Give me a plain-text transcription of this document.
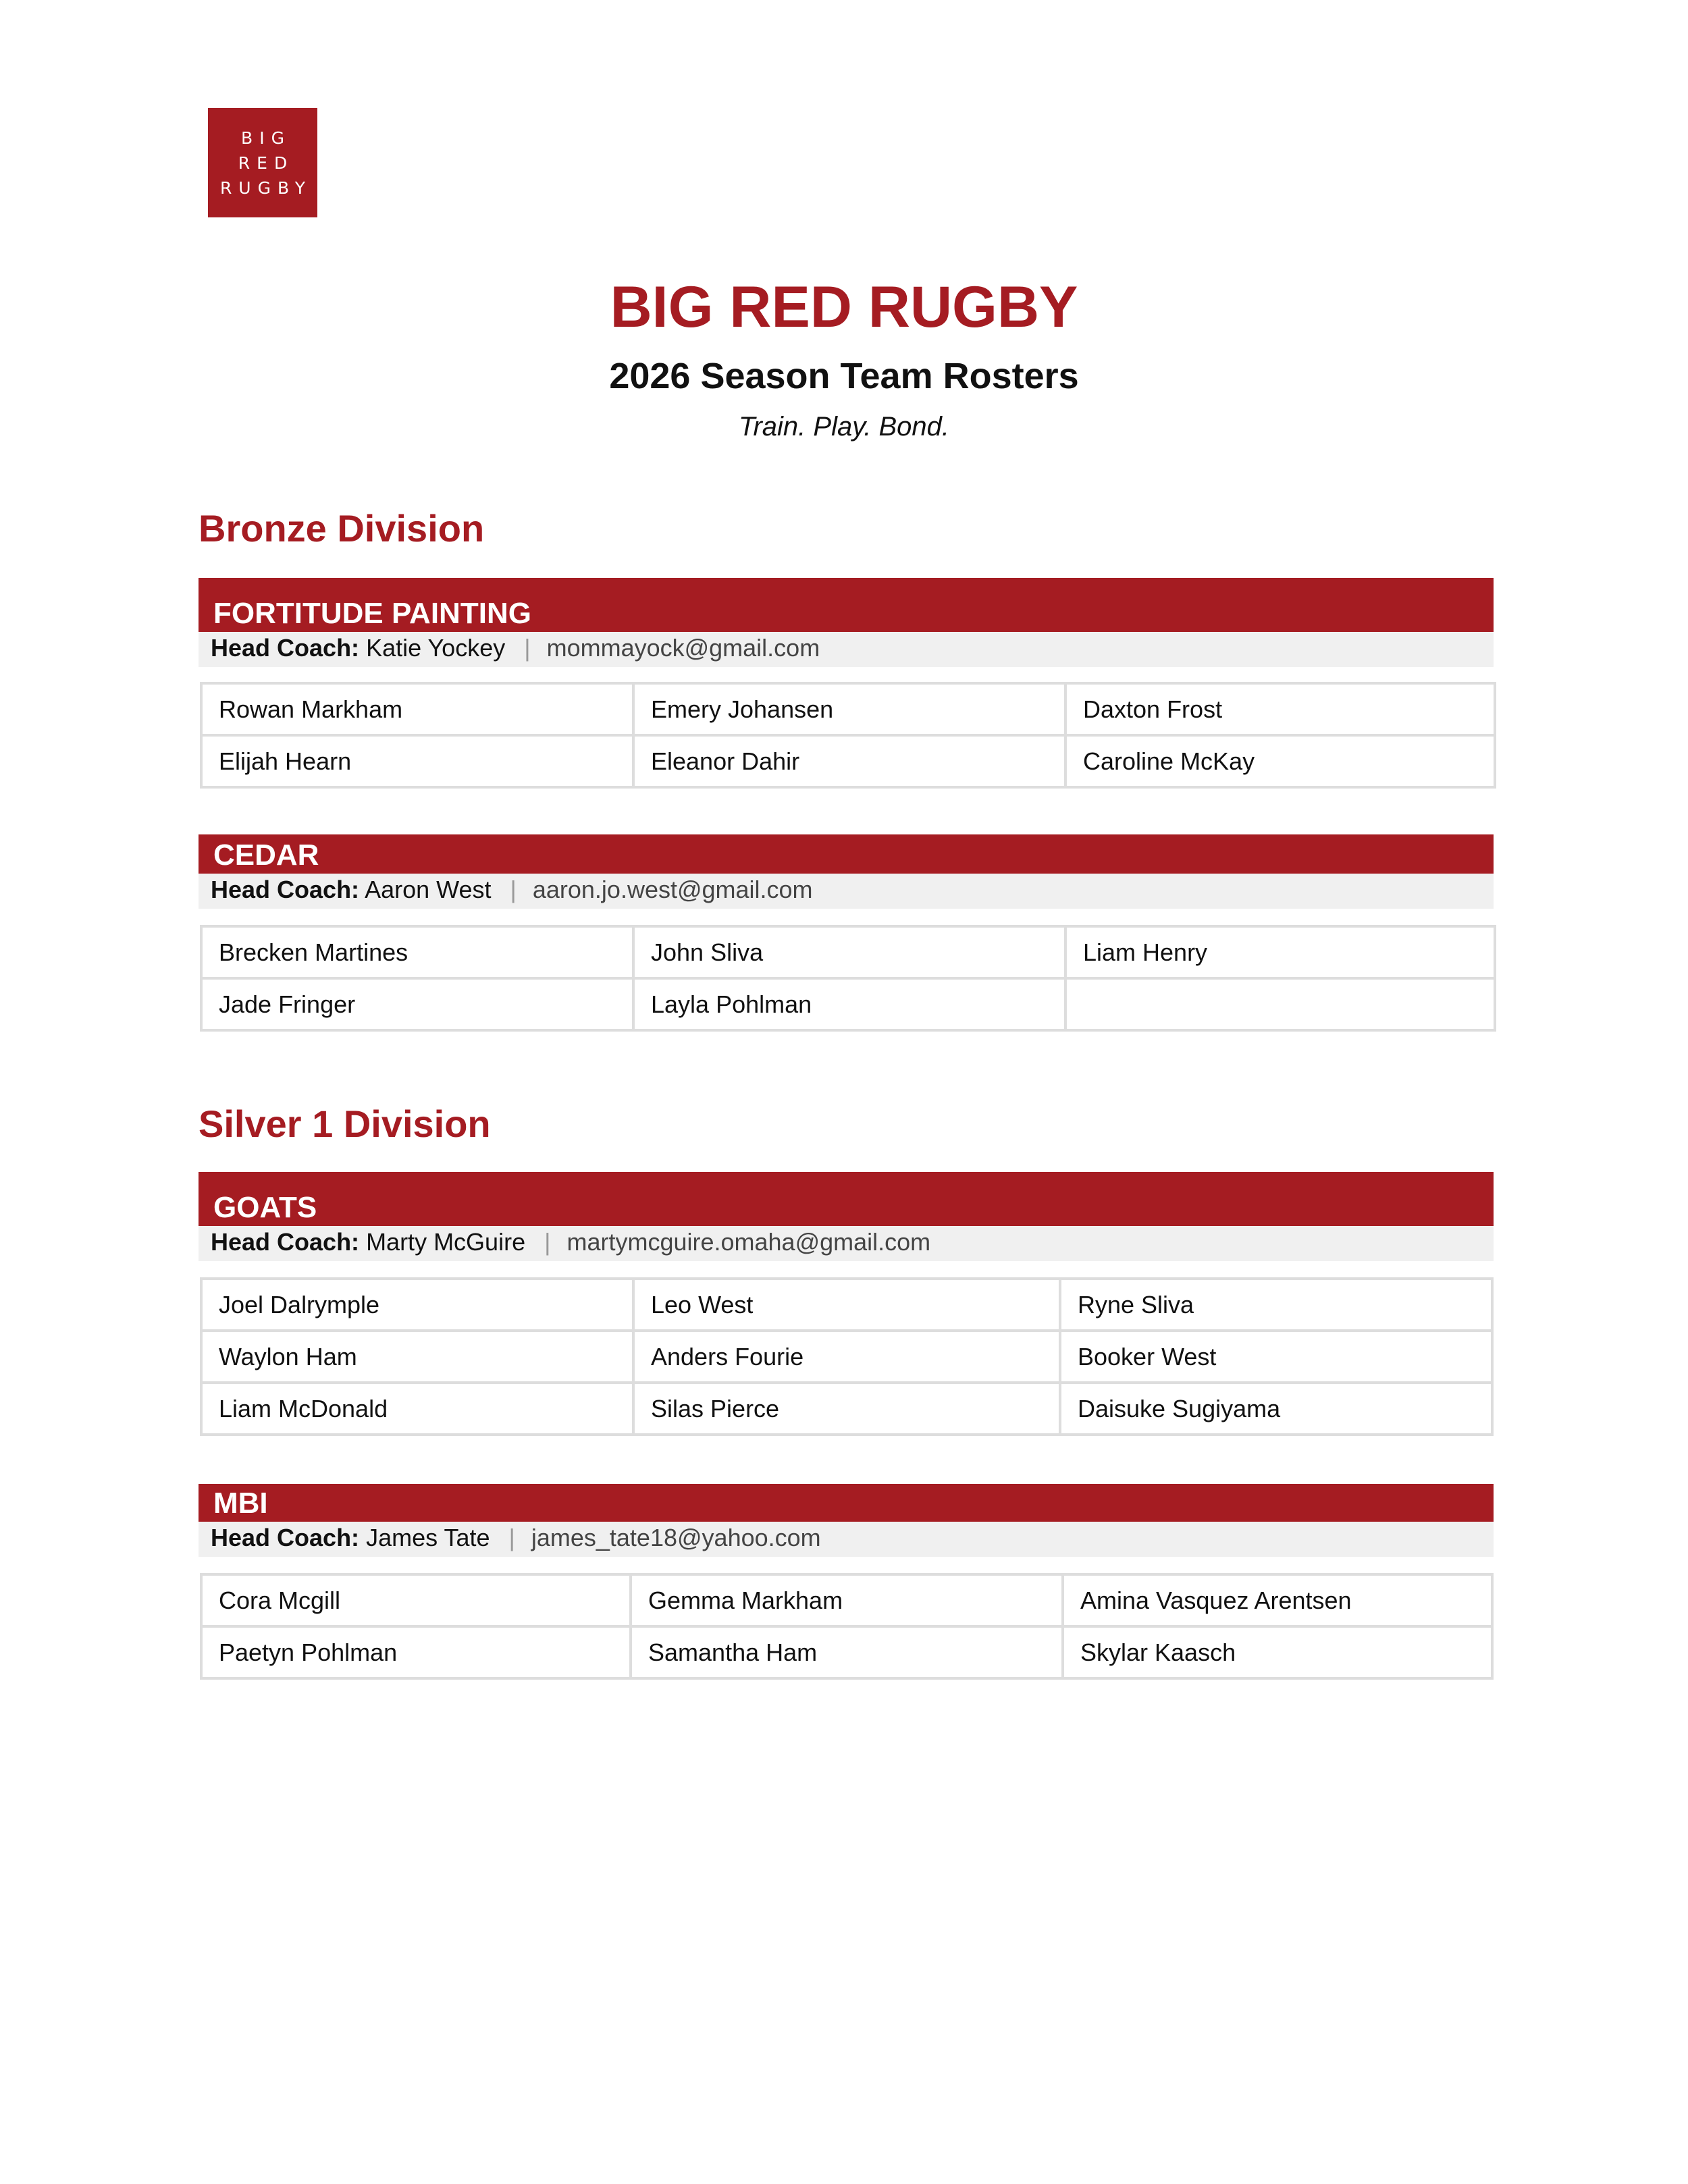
BIG
RED
RUGBY
BIG RED RUGBY
2026 Season Team Rosters
Train. Play. Bond.
Bronze Division
FORTITUDE PAINTING
Head Coach: Katie Yockey | mommayock@gmail.com
Rowan Markham	Emery Johansen	Daxton Frost
Elijah Hearn	Eleanor Dahir	Caroline McKay
CEDAR
Head Coach: Aaron West | aaron.jo.west@gmail.com
Brecken Martines	John Sliva	Liam Henry
Jade Fringer	Layla Pohlman	
Silver 1 Division
GOATS
Head Coach: Marty McGuire | martymcguire.omaha@gmail.com
Joel Dalrymple	Leo West	Ryne Sliva
Waylon Ham	Anders Fourie	Booker West
Liam McDonald	Silas Pierce	Daisuke Sugiyama
MBI
Head Coach: James Tate | james_tate18@yahoo.com
Cora Mcgill	Gemma Markham	Amina Vasquez Arentsen
Paetyn Pohlman	Samantha Ham	Skylar Kaasch
